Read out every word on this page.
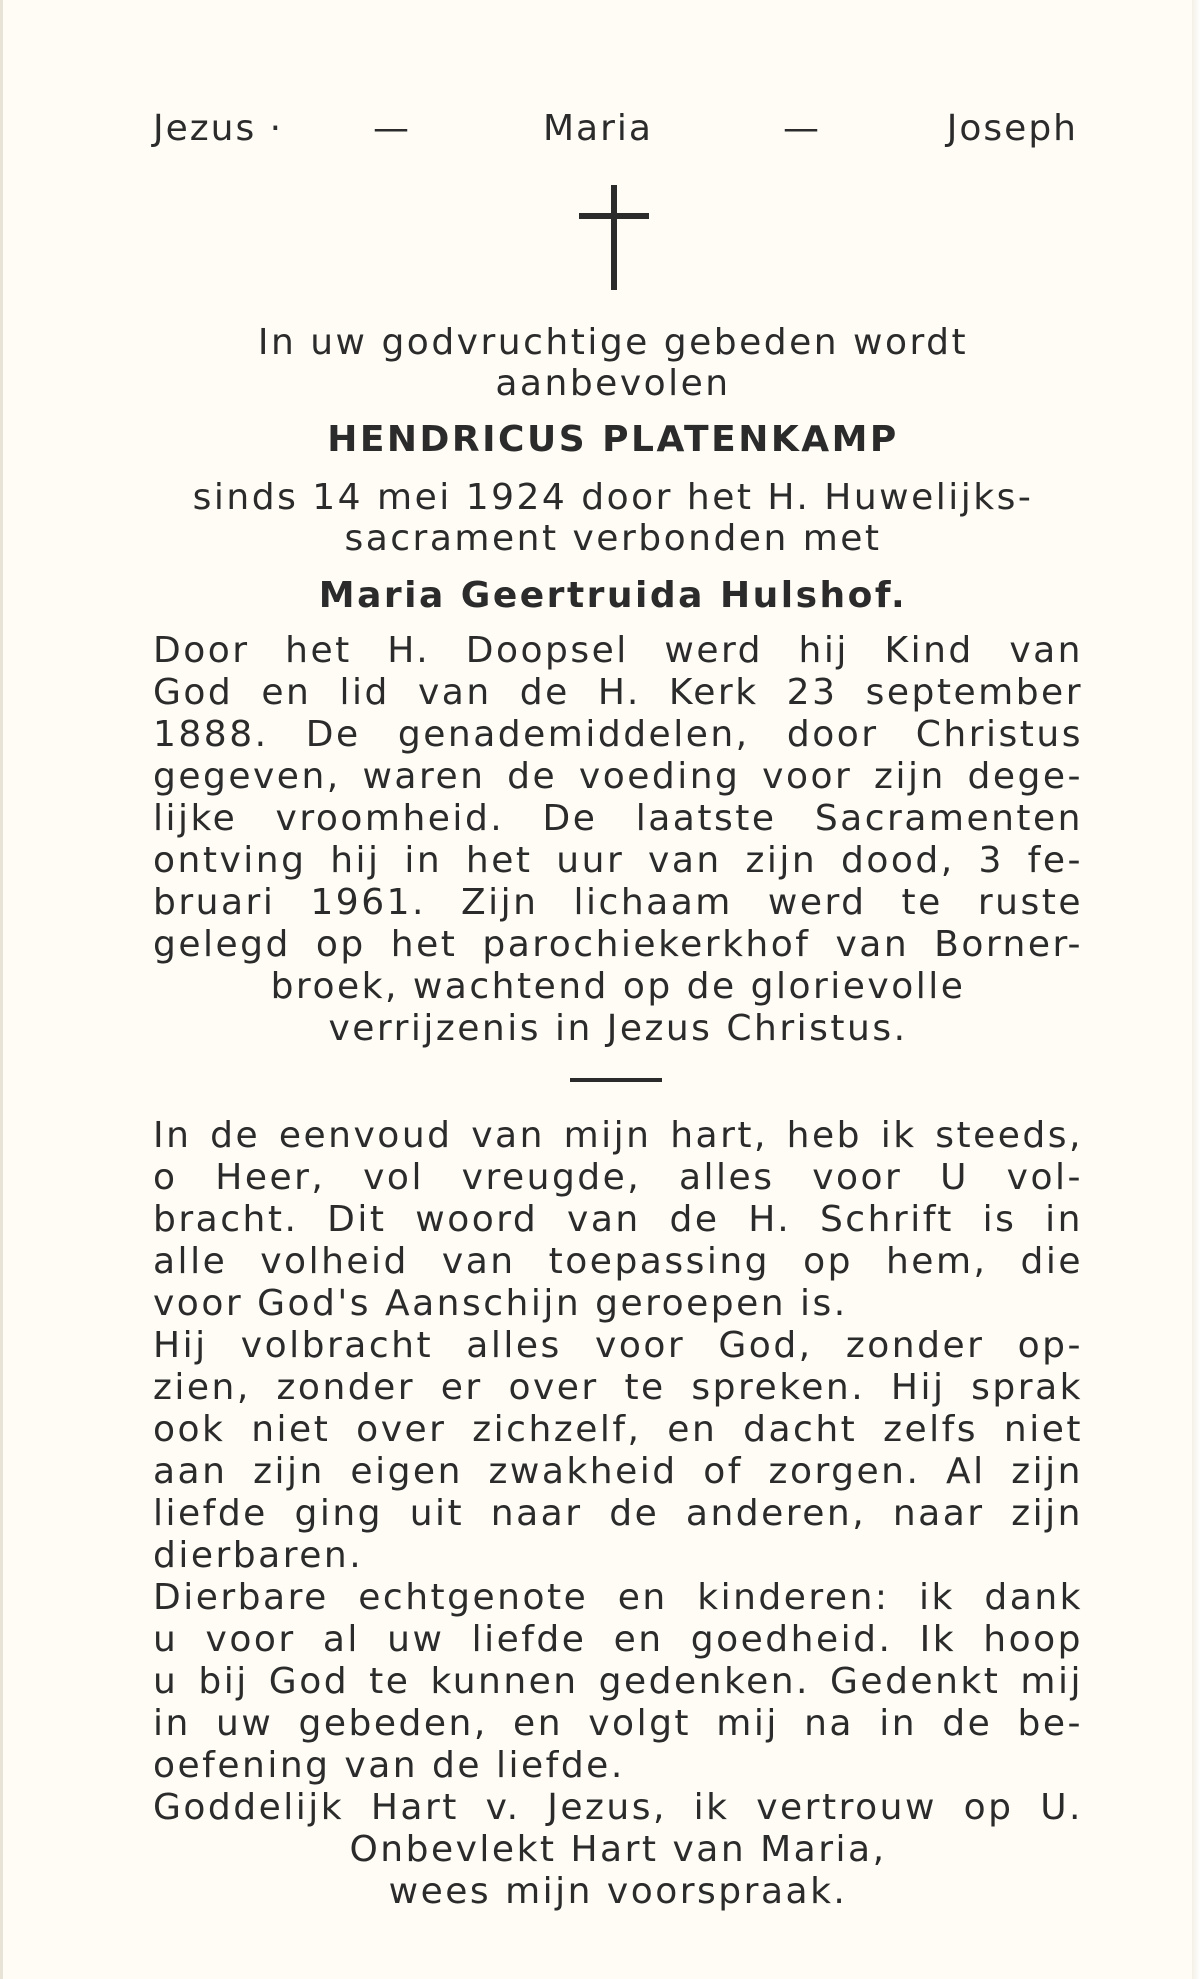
Jezus · —	Maria	—	Joseph
In uw godvruchtige gebeden wordt
aanbevolen
HENDRICUS PLATENKAMP
sinds 14 mei 1924 door het H. Huwelijks-
sacrament verbonden met
Maria Geertruida Hulshof.
Door het H. Doopsel werd hij Kind van
God en lid van de H. Kerk 23 september
1888. De genademiddelen, door Christus
gegeven, waren de voeding voor zijn dege-
lijke vroomheid. De laatste Sacramenten
ontving hij in het uur van zijn dood, 3 fe-
bruari 1961. Zijn lichaam werd te ruste
gelegd op het parochiekerkhof van Borner-
broek, wachtend op de glorievolle
verrijzenis in Jezus Christus.
In de eenvoud van mijn hart, heb ik steeds,
o Heer, vol vreugde, alles voor U vol-
bracht. Dit woord van de H. Schrift is in
alle volheid van toepassing op hem, die
voor God's Aanschijn geroepen is.
Hij volbracht alles voor God, zonder op-
zien, zonder er over te spreken. Hij sprak
ook niet over zichzelf, en dacht zelfs niet
aan zijn eigen zwakheid of zorgen. Al zijn
liefde ging uit naar de anderen, naar zijn
dierbaren.
Dierbare echtgenote en kinderen: ik dank
u voor al uw liefde en goedheid. Ik hoop
u bij God te kunnen gedenken. Gedenkt mij
in uw gebeden, en volgt mij na in de be-
oefening van de liefde.
Goddelijk Hart v. Jezus, ik vertrouw op U.
Onbevlekt Hart van Maria,
wees mijn voorspraak.
